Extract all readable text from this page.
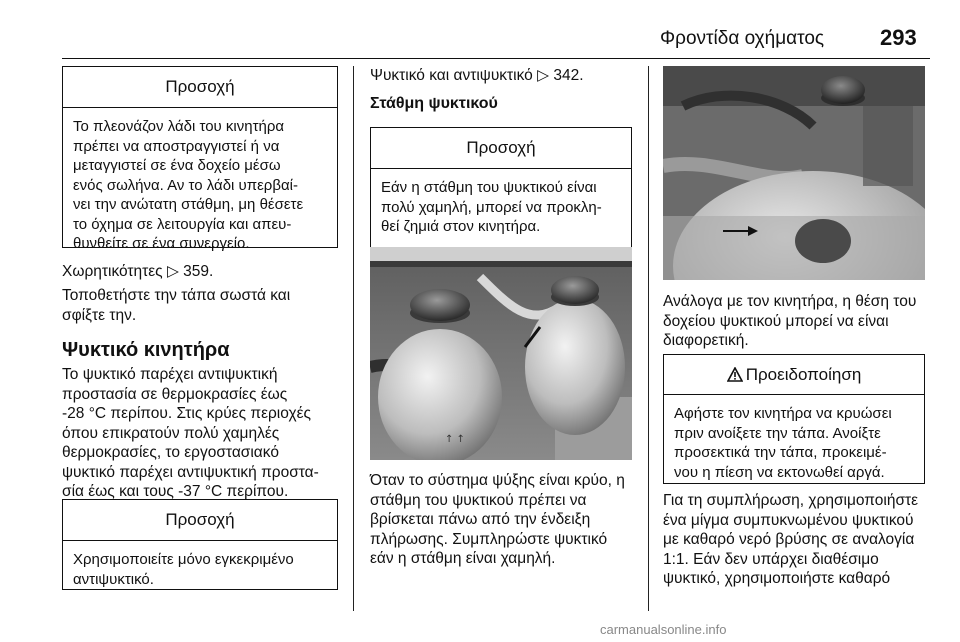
Φροντίδα οχήματος	293
Προσοχή
Το πλεονάζον λάδι του κινητήρα
πρέπει να αποστραγγιστεί ή να
μεταγγιστεί σε ένα δοχείο μέσω
ενός σωλήνα. Αν το λάδι υπερβαί-
νει την ανώτατη στάθμη, μη θέσετε
το όχημα σε λειτουργία και απευ-
θυνθείτε σε ένα συνεργείο.
Χωρητικότητες ▷ 359.
Τοποθετήστε την τάπα σωστά και
σφίξτε την.
Ψυκτικό κινητήρα
Το ψυκτικό παρέχει αντιψυκτική
προστασία σε θερμοκρασίες έως
-28 °C περίπου. Στις κρύες περιοχές
όπου επικρατούν πολύ χαμηλές
θερμοκρασίες, το εργοστασιακό
ψυκτικό παρέχει αντιψυκτική προστα-
σία έως και τους -37 °C περίπου.
Προσοχή
Χρησιμοποιείτε μόνο εγκεκριμένο
αντιψυκτικό.
Ψυκτικό και αντιψυκτικό ▷ 342.
Στάθμη ψυκτικού
Προσοχή
Εάν η στάθμη του ψυκτικού είναι
πολύ χαμηλή, μπορεί να προκλη-
θεί ζημιά στον κινητήρα.
↑ ↑
Όταν το σύστημα ψύξης είναι κρύο, η
στάθμη του ψυκτικού πρέπει να
βρίσκεται πάνω από την ένδειξη
πλήρωσης. Συμπληρώστε ψυκτικό
εάν η στάθμη είναι χαμηλή.
Ανάλογα με τον κινητήρα, η θέση του
δοχείου ψυκτικού μπορεί να είναι
διαφορετική.
Προειδοποίηση
Αφήστε τον κινητήρα να κρυώσει
πριν ανοίξετε την τάπα. Ανοίξτε
προσεκτικά την τάπα, προκειμέ-
νου η πίεση να εκτονωθεί αργά.
Για τη συμπλήρωση, χρησιμοποιήστε
ένα μίγμα συμπυκνωμένου ψυκτικού
με καθαρό νερό βρύσης σε αναλογία
1:1. Εάν δεν υπάρχει διαθέσιμο
ψυκτικό, χρησιμοποιήστε καθαρό
carmanualsonline.info
